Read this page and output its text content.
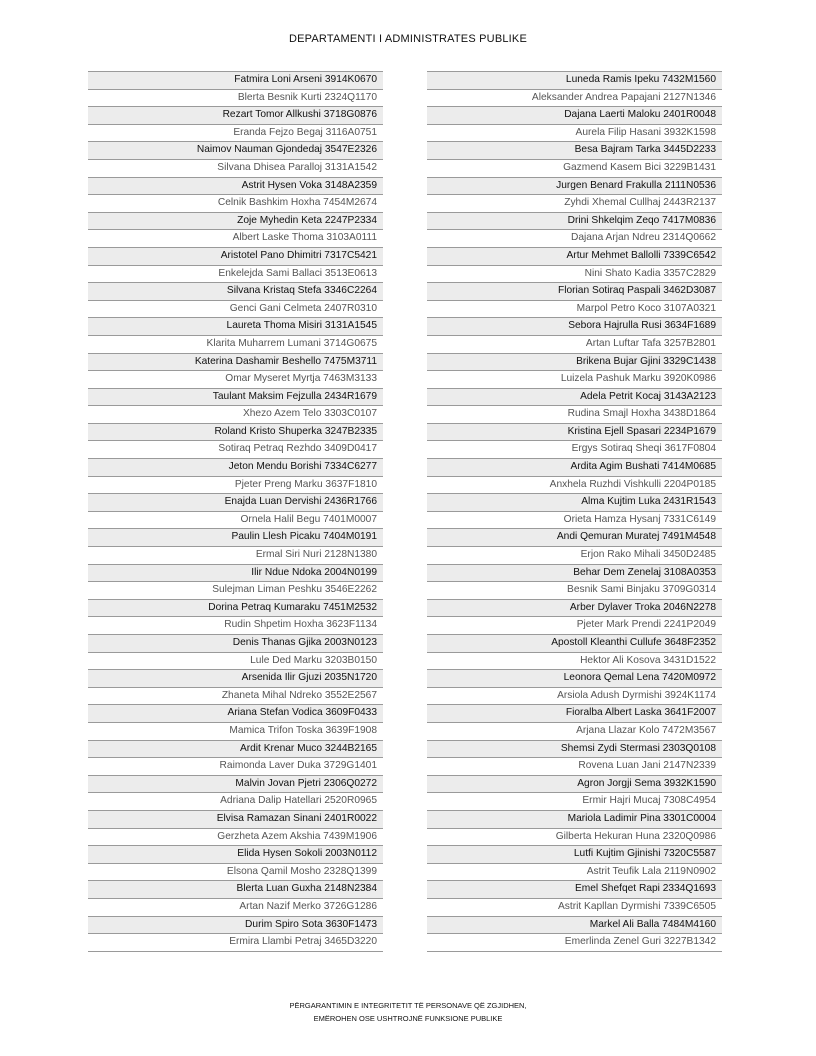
DEPARTAMENTI I ADMINISTRATES PUBLIKE
Fatmira Loni Arseni 3914K0670
Blerta Besnik Kurti 2324Q1170
Rezart Tomor Allkushi 3718G0876
Eranda Fejzo Begaj 3116A0751
Naimov Nauman Gjondedaj 3547E2326
Silvana Dhisea Paralloj 3131A1542
Astrit Hysen Voka 3148A2359
Celnik Bashkim Hoxha 7454M2674
Zoje Myhedin Keta 2247P2334
Albert Laske Thoma 3103A0111
Aristotel Pano Dhimitri 7317C5421
Enkelejda Sami Ballaci 3513E0613
Silvana Kristaq Stefa 3346C2264
Genci Gani Celmeta 2407R0310
Laureta Thoma Misiri 3131A1545
Klarita Muharrem Lumani 3714G0675
Katerina Dashamir Beshello 7475M3711
Omar Myseret Myrtja 7463M3133
Taulant Maksim Fejzulla 2434R1679
Xhezo Azem Telo 3303C0107
Roland Kristo Shuperka 3247B2335
Sotiraq Petraq Rezhdo 3409D0417
Jeton Mendu Borishi 7334C6277
Pjeter Preng Marku 3637F1810
Enajda Luan Dervishi 2436R1766
Ornela Halil Begu 7401M0007
Paulin Llesh Picaku 7404M0191
Ermal Siri Nuri 2128N1380
Ilir Ndue Ndoka 2004N0199
Sulejman Liman Peshku 3546E2262
Dorina Petraq Kumaraku 7451M2532
Rudin Shpetim Hoxha 3623F1134
Denis Thanas Gjika 2003N0123
Lule Ded Marku 3203B0150
Arsenida Ilir Gjuzi 2035N1720
Zhaneta Mihal Ndreko 3552E2567
Ariana Stefan Vodica 3609F0433
Mamica Trifon Toska 3639F1908
Ardit Krenar Muco 3244B2165
Raimonda Laver Duka 3729G1401
Malvin Jovan Pjetri 2306Q0272
Adriana Dalip Hatellari 2520R0965
Elvisa Ramazan Sinani 2401R0022
Gerzheta Azem Akshia 7439M1906
Elida Hysen Sokoli 2003N0112
Elsona Qamil Mosho 2328Q1399
Blerta Luan Guxha 2148N2384
Artan Nazif Merko 3726G1286
Durim Spiro Sota 3630F1473
Ermira Llambi Petraj 3465D3220
Luneda Ramis Ipeku 7432M1560
Aleksander Andrea Papajani 2127N1346
Dajana Laerti Maloku 2401R0048
Aurela Filip Hasani 3932K1598
Besa Bajram Tarka 3445D2233
Gazmend Kasem Bici 3229B1431
Jurgen Benard Frakulla 2111N0536
Zyhdi Xhemal Cullhaj 2443R2137
Drini Shkelqim Zeqo 7417M0836
Dajana Arjan Ndreu 2314Q0662
Artur Mehmet Ballolli 7339C6542
Nini Shato Kadia 3357C2829
Florian Sotiraq Paspali 3462D3087
Marpol Petro Koco 3107A0321
Sebora Hajrulla Rusi 3634F1689
Artan Luftar Tafa 3257B2801
Brikena Bujar Gjini 3329C1438
Luizela Pashuk Marku 3920K0986
Adela Petrit Kocaj 3143A2123
Rudina Smajl Hoxha 3438D1864
Kristina Ejell Spasari 2234P1679
Ergys Sotiraq Sheqi 3617F0804
Ardita Agim Bushati 7414M0685
Anxhela Ruzhdi Vishkulli 2204P0185
Alma Kujtim Luka 2431R1543
Orieta Hamza Hysanj 7331C6149
Andi Qemuran Muratej 7491M4548
Erjon Rako Mihali 3450D2485
Behar Dem Zenelaj 3108A0353
Besnik Sami Binjaku 3709G0314
Arber Dylaver Troka 2046N2278
Pjeter Mark Prendi 2241P2049
Apostoll Kleanthi Cullufe 3648F2352
Hektor Ali Kosova 3431D1522
Leonora Qemal Lena 7420M0972
Arsiola Adush Dyrmishi 3924K1174
Fioralba Albert Laska 3641F2007
Arjana Llazar Kolo 7472M3567
Shemsi Zydi Stermasi 2303Q0108
Rovena Luan Jani 2147N2339
Agron Jorgji Sema 3932K1590
Ermir Hajri Mucaj 7308C4954
Mariola Ladimir Pina 3301C0004
Gilberta Hekuran Huna 2320Q0986
Lutfi Kujtim Gjinishi 7320C5587
Astrit Teufik Lala 2119N0902
Emel Shefqet Rapi 2334Q1693
Astrit Kapllan Dyrmishi 7339C6505
Markel Ali Balla 7484M4160
Emerlinda Zenel Guri 3227B1342
PËRGARANTIMIN E INTEGRITETIT TË PERSONAVE QË ZGJIDHEN,
EMËROHEN OSE USHTROJNË FUNKSIONE PUBLIKE
